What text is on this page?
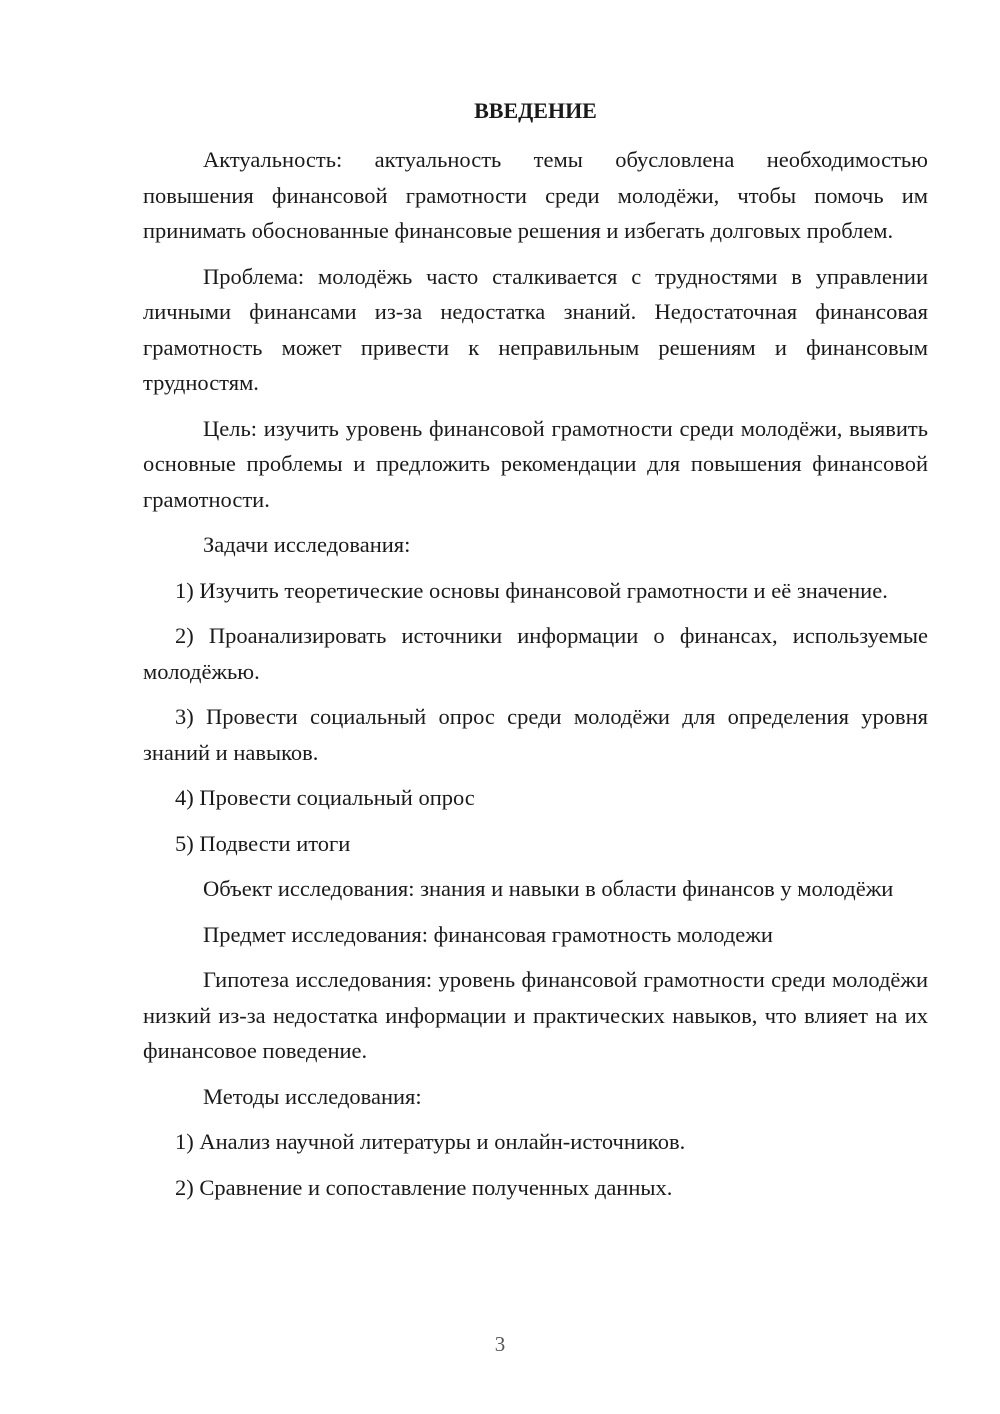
ВВЕДЕНИЕ

Актуальность: актуальность темы обусловлена необходимостью повышения финансовой грамотности среди молодёжи, чтобы помочь им принимать обоснованные финансовые решения и избегать долговых проблем.

Проблема: молодёжь часто сталкивается с трудностями в управлении личными финансами из-за недостатка знаний. Недостаточная финансовая грамотность может привести к неправильным решениям и финансовым трудностям.

Цель: изучить уровень финансовой грамотности среди молодёжи, выявить основные проблемы и предложить рекомендации для повышения финансовой грамотности.

Задачи исследования:

1) Изучить теоретические основы финансовой грамотности и её значение.

2) Проанализировать источники информации о финансах, используемые молодёжью.

3) Провести социальный опрос среди молодёжи для определения уровня знаний и навыков.

4) Провести социальный опрос

5) Подвести итоги

Объект исследования: знания и навыки в области финансов у молодёжи

Предмет исследования: финансовая грамотность молодежи

Гипотеза исследования: уровень финансовой грамотности среди молодёжи низкий из-за недостатка информации и практических навыков, что влияет на их финансовое поведение.

Методы исследования:

1) Анализ научной литературы и онлайн-источников.

2) Сравнение и сопоставление полученных данных.

3
